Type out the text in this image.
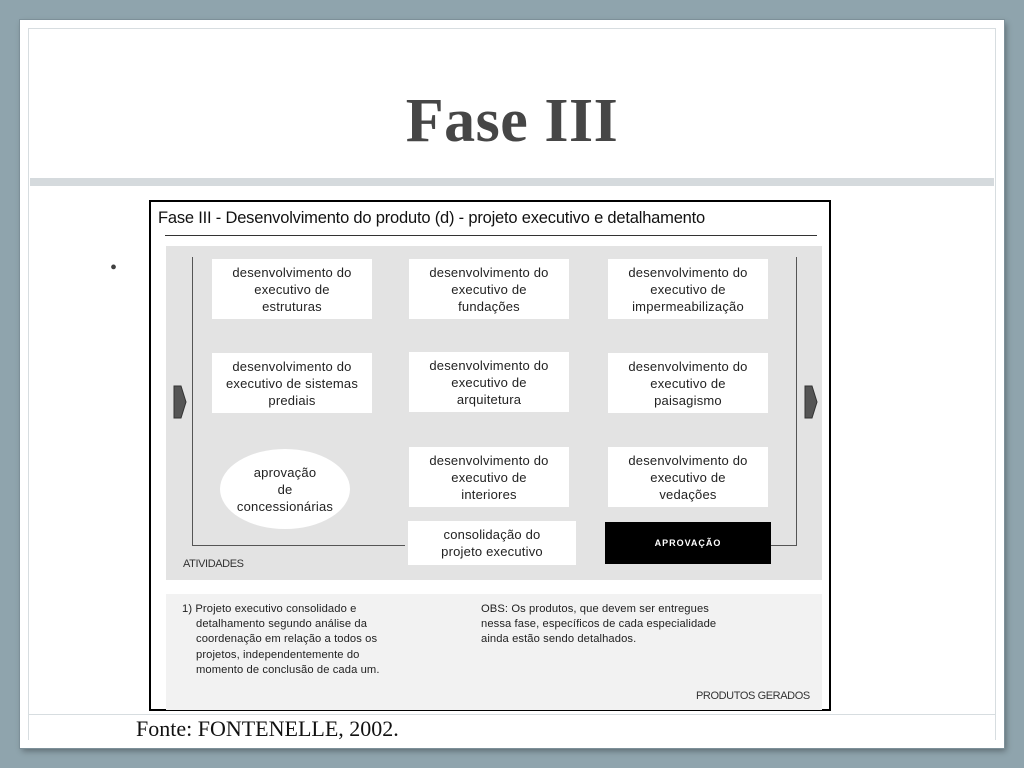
Fase III
•
Fase III - Desenvolvimento do produto (d) - projeto executivo e detalhamento
ATIVIDADES
PRODUTOS GERADOS
desenvolvimento do
executivo de
estruturas
desenvolvimento do
executivo de
fundações
desenvolvimento do
executivo de
impermeabilização
desenvolvimento do
executivo de sistemas
prediais
desenvolvimento do
executivo de
arquitetura
desenvolvimento do
executivo de
paisagismo
aprovação
de
concessionárias
desenvolvimento do
executivo de
interiores
desenvolvimento do
executivo de
vedações
consolidação do
projeto executivo
APROVAÇÃO

1) Projeto executivo consolidado e

detalhamento segundo análise da

coordenação em relação a todos os

projetos, independentemente do

momento de conclusão de cada um.

OBS: Os produtos, que devem ser entregues

nessa fase, específicos de cada especialidade

ainda estão sendo detalhados.

Fonte: FONTENELLE, 2002.
